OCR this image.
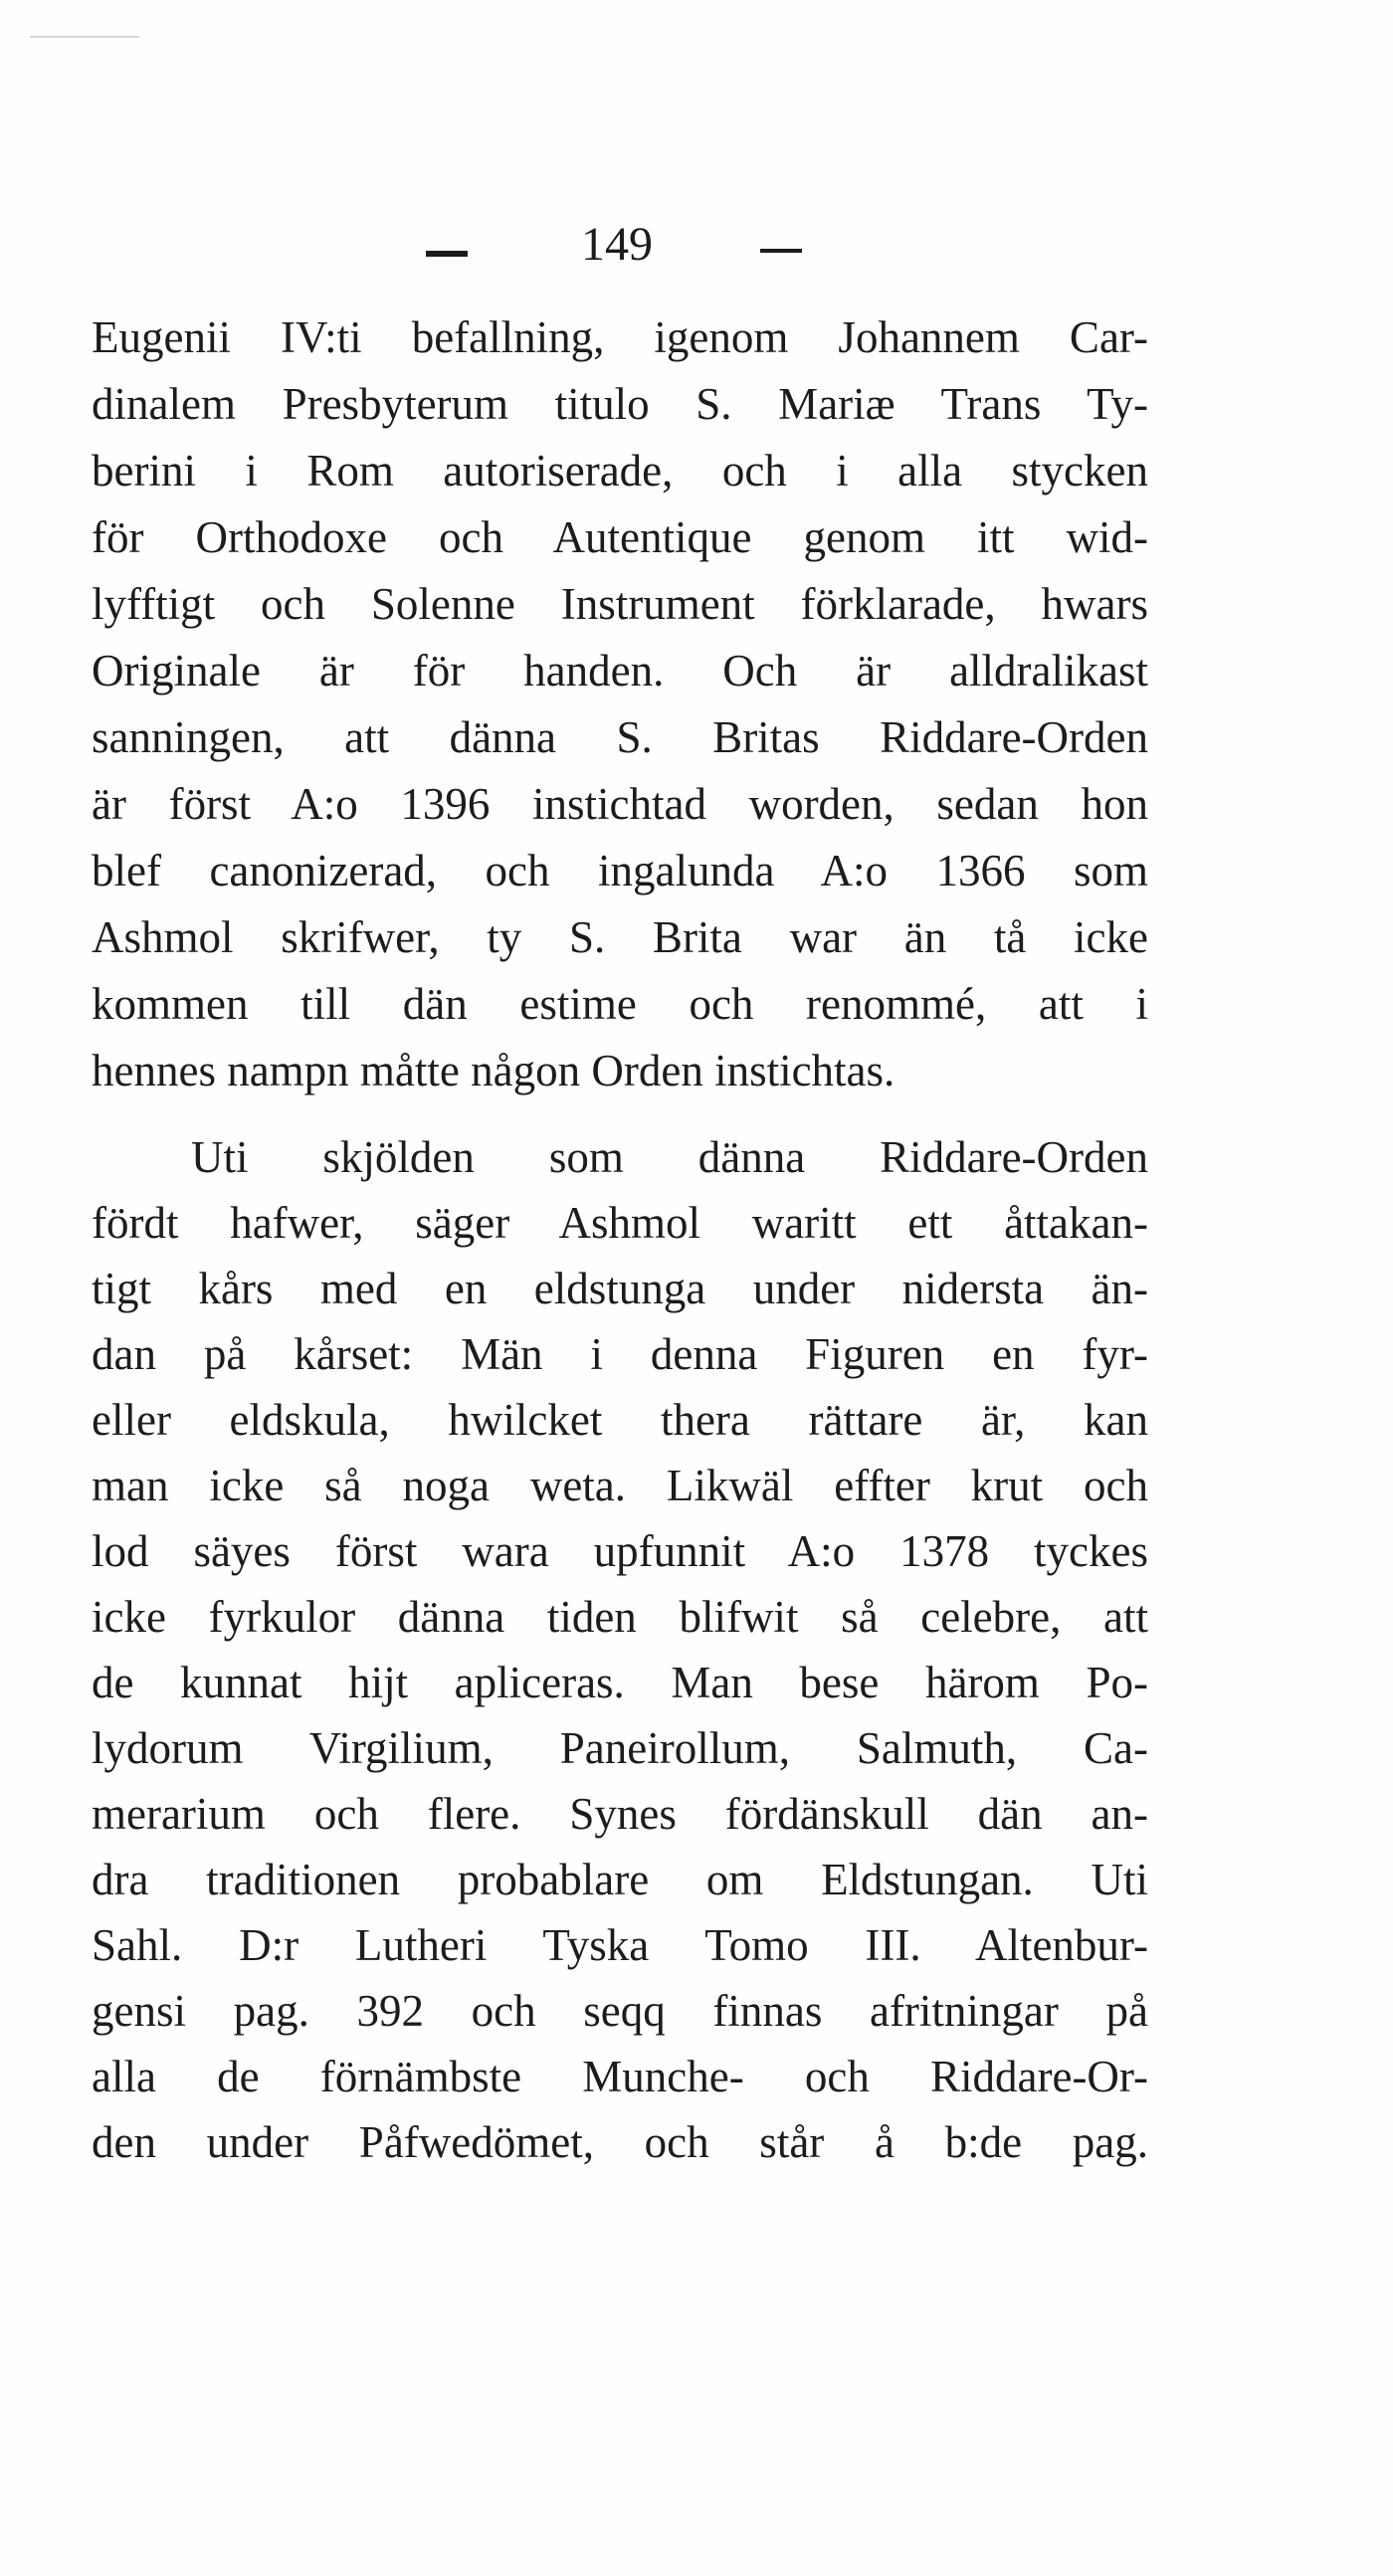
149
Eugenii IV:ti befallning, igenom Johannem Car-
dinalem Presbyterum titulo S. Mariæ Trans Ty-
berini i Rom autoriserade, och i alla stycken
för Orthodoxe och Autentique genom itt wid-
lyfftigt och Solenne Instrument förklarade, hwars
Originale är för handen. Och är alldralikast
sanningen, att dänna S. Britas Riddare-Orden
är först A:o 1396 instichtad worden, sedan hon
blef canonizerad, och ingalunda A:o 1366 som
Ashmol skrifwer, ty S. Brita war än tå icke
kommen till dän estime och renommé, att i
hennes nampn måtte någon Orden instichtas.
Uti skjölden som dänna Riddare-Orden
fördt hafwer, säger Ashmol waritt ett åttakan-
tigt kårs med en eldstunga under nidersta än-
dan på kårset: Män i denna Figuren en fyr-
eller eldskula, hwilcket thera rättare är, kan
man icke så noga weta. Likwäl effter krut och
lod säyes först wara upfunnit A:o 1378 tyckes
icke fyrkulor dänna tiden blifwit så celebre, att
de kunnat hijt apliceras. Man bese härom Po-
lydorum Virgilium, Paneirollum, Salmuth, Ca-
merarium och flere. Synes fördänskull dän an-
dra traditionen probablare om Eldstungan. Uti
Sahl. D:r Lutheri Tyska Tomo III. Altenbur-
gensi pag. 392 och seqq finnas afritningar på
alla de förnämbste Munche- och Riddare-Or-
den under Påfwedömet, och står å b:de pag.
